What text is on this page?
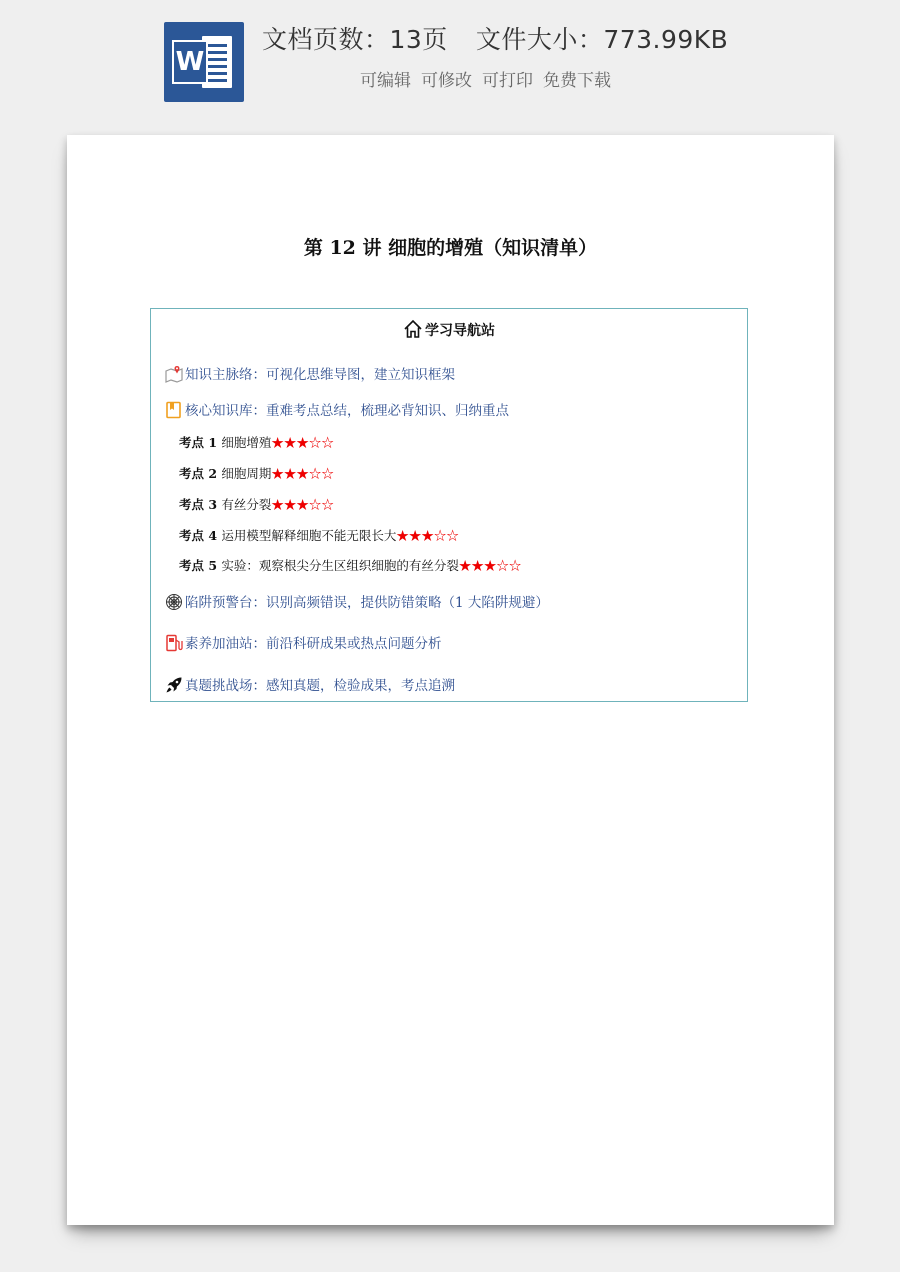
W
文档页数：13页 文件大小：773.99KB
可编辑 可修改 可打印 免费下载
第 12 讲 细胞的增殖（知识清单）
学习导航站
知识主脉络：可视化思维导图，建立知识框架
核心知识库：重难考点总结，梳理必背知识、归纳重点
考点 1 细胞增殖★★★☆☆
考点 2 细胞周期★★★☆☆
考点 3 有丝分裂★★★☆☆
考点 4 运用模型解释细胞不能无限长大★★★☆☆
考点 5 实验：观察根尖分生区组织细胞的有丝分裂★★★☆☆
陷阱预警台：识别高频错误，提供防错策略（1 大陷阱规避）
素养加油站：前沿科研成果或热点问题分析
真题挑战场：感知真题，检验成果，考点追溯
